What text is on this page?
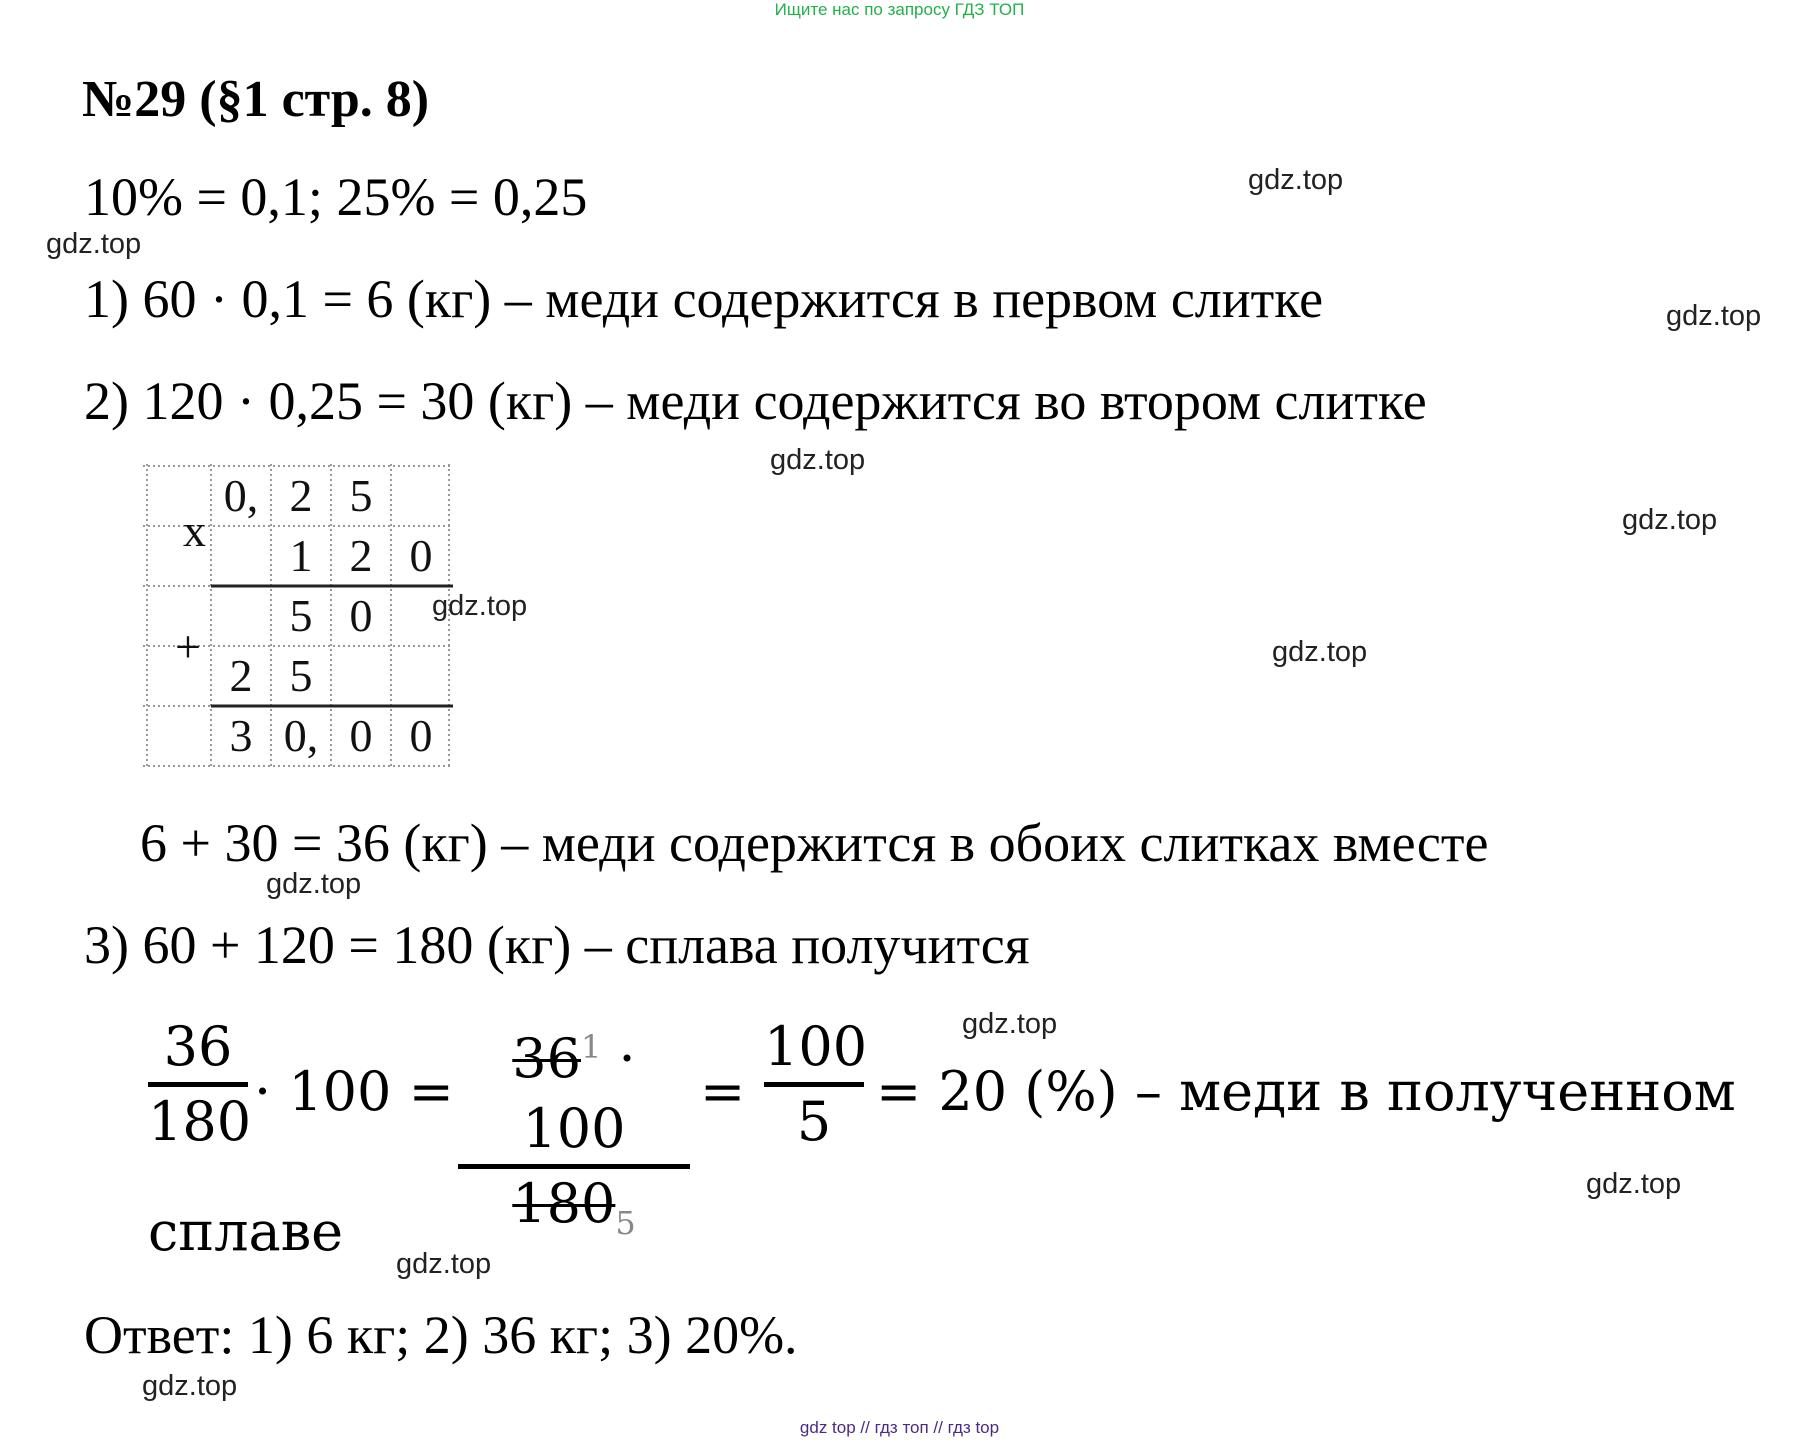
Ищите нас по запросу ГДЗ ТОП
№29 (§1 стр. 8)
10% = 0,1; 25% = 0,25
1) 60 · 0,1 = 6 (кг) – меди содержится в первом слитке
2) 120 · 0,25 = 30 (кг) – меди содержится во втором слитке
x
+
0, 2 5
1 2 0
5 0
2 5
3 0, 0 0
6 + 30 = 36 (кг) – меди содержится в обоих слитках вместе
3) 60 + 120 = 180 (кг) – сплава получится
36
180 · 100 =
$36^1 \cdot 100$
$180_5$
=
100
5 = 20 (%) – меди в полученном
сплаве
Ответ: 1) 6 кг; 2) 36 кг; 3) 20%.
gdz.top
gdz.top
gdz.top
gdz.top
gdz.top
gdz.top
gdz.top
gdz.top
gdz.top
gdz.top
gdz.top
gdz.top
gdz top // гдз топ // гдз top
